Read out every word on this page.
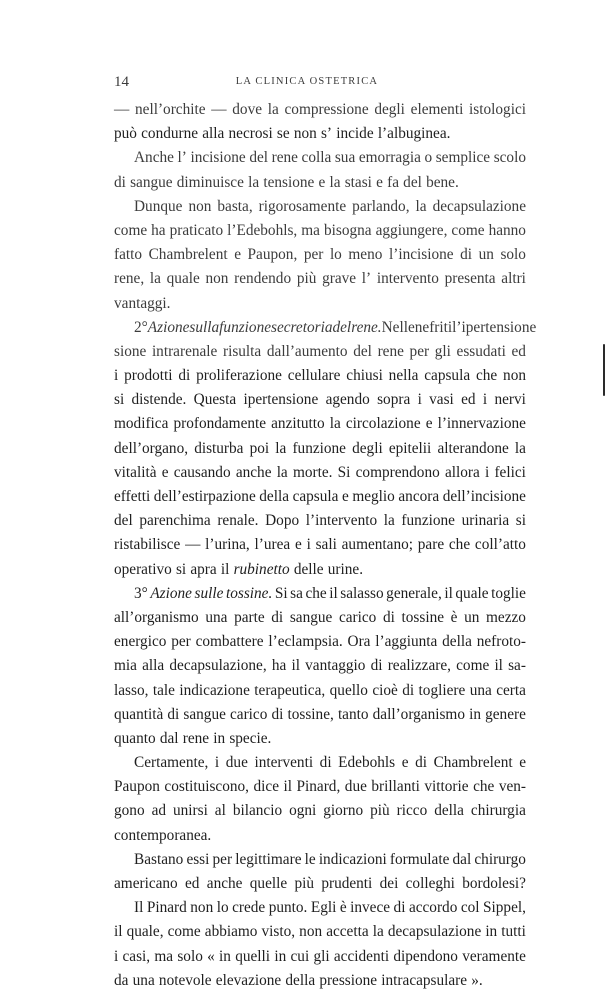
14	LA CLINICA OSTETRICA
— nell’orchite — dove la compressione degli elementi istologici
può condurne alla necrosi se non s’ incide l’albuginea.
Anche l’ incisione del rene colla sua emorragia o semplice scolo
di sangue diminuisce la tensione e la stasi e fa del bene.
Dunque non basta, rigorosamente parlando, la decapsulazione
come ha praticato l’Edebohls, ma bisogna aggiungere, come hanno
fatto Chambrelent e Paupon, per lo meno l’incisione di un solo
rene, la quale non rendendo più grave l’ intervento presenta altri
vantaggi.
2° Azione sulla funzione secretoria del rene. Nelle nefriti l’ipertensione
sione intrarenale risulta dall’aumento del rene per gli essudati ed
i prodotti di proliferazione cellulare chiusi nella capsula che non
si distende. Questa ipertensione agendo sopra i vasi ed i nervi
modifica profondamente anzitutto la circolazione e l’innervazione
dell’organo, disturba poi la funzione degli epitelii alterandone la
vitalità e causando anche la morte. Si comprendono allora i felici
effetti dell’estirpazione della capsula e meglio ancora dell’incisione
del parenchima renale. Dopo l’intervento la funzione urinaria si
ristabilisce — l’urina, l’urea e i sali aumentano; pare che coll’atto
operativo si apra il rubinetto delle urine.
3° Azione sulle tossine. Si sa che il salasso generale, il quale toglie
all’organismo una parte di sangue carico di tossine è un mezzo
energico per combattere l’eclampsia. Ora l’aggiunta della nefroto-
mia alla decapsulazione, ha il vantaggio di realizzare, come il sa-
lasso, tale indicazione terapeutica, quello cioè di togliere una certa
quantità di sangue carico di tossine, tanto dall’organismo in genere
quanto dal rene in specie.
Certamente, i due interventi di Edebohls e di Chambrelent e
Paupon costituiscono, dice il Pinard, due brillanti vittorie che ven-
gono ad unirsi al bilancio ogni giorno più ricco della chirurgia
contemporanea.
Bastano essi per legittimare le indicazioni formulate dal chirurgo
americano ed anche quelle più prudenti dei colleghi bordolesi?
Il Pinard non lo crede punto. Egli è invece di accordo col Sippel,
il quale, come abbiamo visto, non accetta la decapsulazione in tutti
i casi, ma solo « in quelli in cui gli accidenti dipendono veramente
da una notevole elevazione della pressione intracapsulare ».
